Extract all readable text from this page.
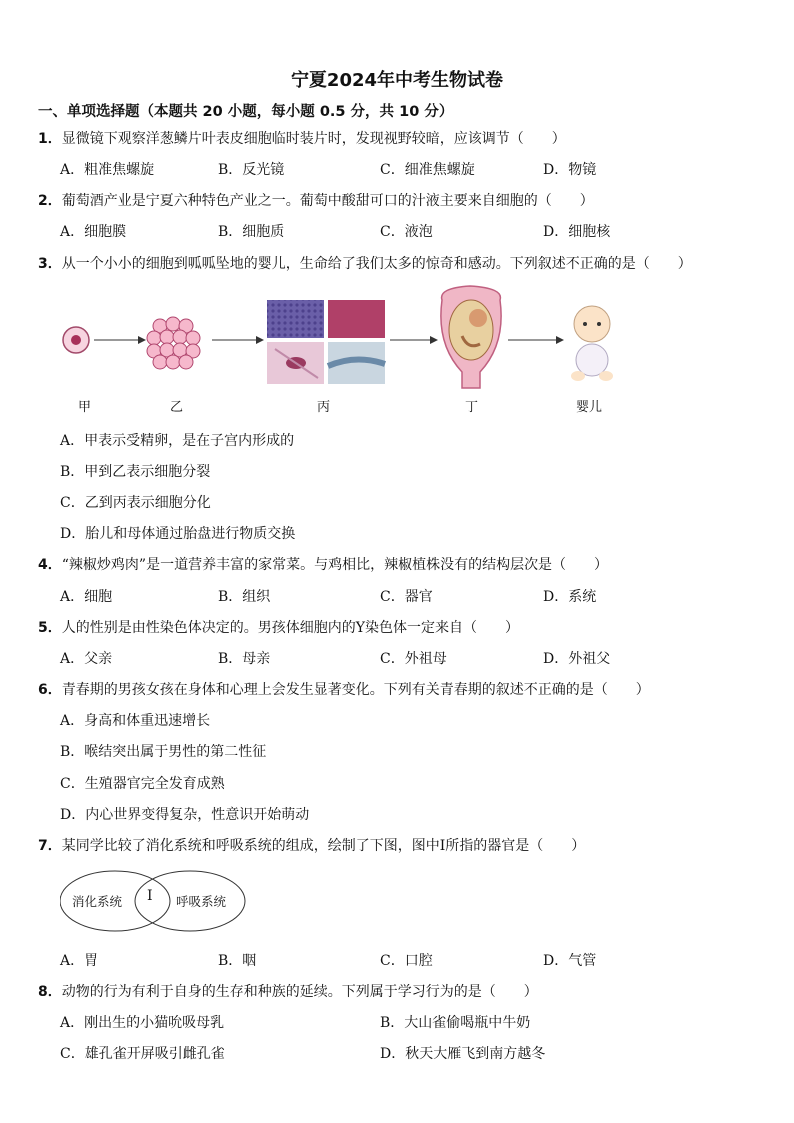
宁夏2024年中考生物试卷
一、单项选择题（本题共 20 小题，每小题 0.5 分，共 10 分）
1．显微镜下观察洋葱鳞片叶表皮细胞临时装片时，发现视野较暗，应该调节（　　）
A．粗准焦螺旋	B．反光镜	C．细准焦螺旋	D．物镜
2．葡萄酒产业是宁夏六种特色产业之一。葡萄中酸甜可口的汁液主要来自细胞的（　　）
A．细胞膜	B．细胞质	C．液泡	D．细胞核
3．从一个小小的细胞到呱呱坠地的婴儿，生命给了我们太多的惊奇和感动。下列叙述不正确的是（　　）
甲	乙	丙	丁	婴儿
A．甲表示受精卵，是在子宫内形成的
B．甲到乙表示细胞分裂
C．乙到丙表示细胞分化
D．胎儿和母体通过胎盘进行物质交换
4．“辣椒炒鸡肉”是一道营养丰富的家常菜。与鸡相比，辣椒植株没有的结构层次是（　　）
A．细胞	B．组织	C．器官	D．系统
5．人的性别是由性染色体决定的。男孩体细胞内的Y染色体一定来自（　　）
A．父亲	B．母亲	C．外祖母	D．外祖父
6．青春期的男孩女孩在身体和心理上会发生显著变化。下列有关青春期的叙述不正确的是（　　）
A．身高和体重迅速增长
B．喉结突出属于男性的第二性征
C．生殖器官完全发育成熟
D．内心世界变得复杂，性意识开始萌动
7．某同学比较了消化系统和呼吸系统的组成，绘制了下图，图中Ⅰ所指的器官是（　　）
消化系统 Ⅰ 呼吸系统
A．胃	B．咽	C．口腔	D．气管
8．动物的行为有利于自身的生存和种族的延续。下列属于学习行为的是（　　）
A．刚出生的小猫吮吸母乳	B．大山雀偷喝瓶中牛奶
C．雄孔雀开屏吸引雌孔雀	D．秋天大雁飞到南方越冬
